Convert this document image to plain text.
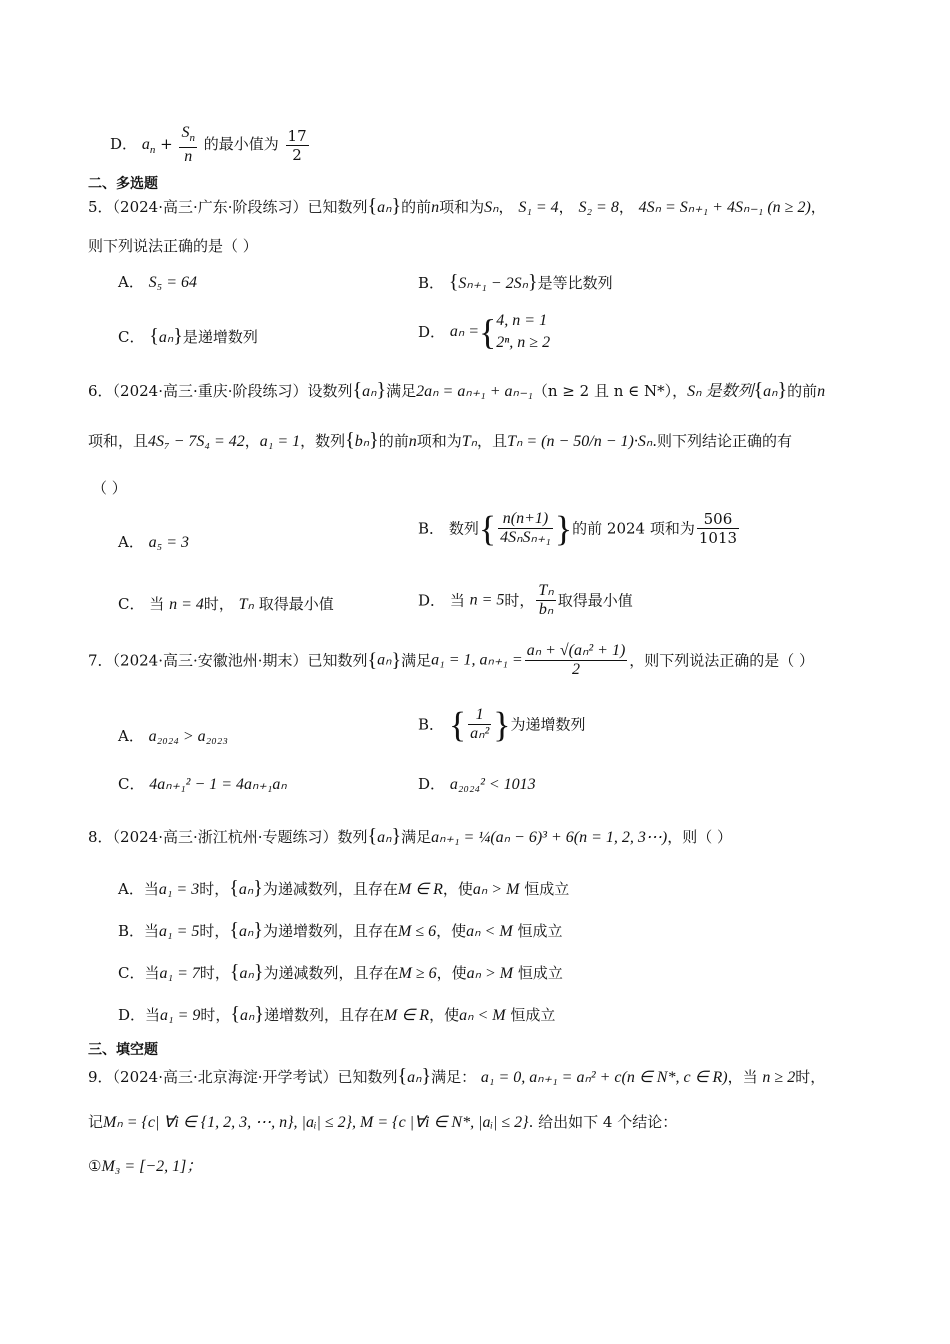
D． $a_n + \frac{S_n}{n}$ 的最小值为 $\frac{17}{2}$
二、多选题
5．（2024·高三·广东·阶段练习）已知数列{aₙ}的前n项和为Sₙ， S₁ = 4， S₂ = 8， 4Sₙ = Sₙ₊₁ + 4Sₙ₋₁ (n ≥ 2)，
则下列说法正确的是（ ）
A． S₅ = 64	B． {Sₙ₊₁ − 2Sₙ}是等比数列
C． {aₙ}是递增数列	D． aₙ ={ 4, n = 1
2ⁿ, n ≥ 2
6．（2024·高三·重庆·阶段练习）设数列{aₙ}满足2aₙ = aₙ₊₁ + aₙ₋₁（n ≥ 2 且 n ∈ N*），Sₙ 是数列{aₙ}的前n
项和，且4S₇ − 7S₄ = 42，a₁ = 1，数列{bₙ}的前n项和为Tₙ，且Tₙ = (n − 50/n − 1)·Sₙ.则下列结论正确的有
（ ）
A． a₅ = 3
B． 数列{ $\frac{n(n+1)}{\text{4SₙSₙ₊₁}}$ }的前 2024 项和为 $\frac{506}{1013}$
C． 当 n = 4时， Tₙ 取得最小值	D． 当 n = 5时， $\frac{\text{Tₙ}}{\text{bₙ}}$ 取得最小值
7．（2024·高三·安徽池州·期末）已知数列{aₙ}满足a₁ = 1, $a_{n+1} = \frac{\text{aₙ + √(aₙ² + 1)}}{2}$ ，则下列说法正确的是（ ）
A． a₂₀₂₄ > a₂₀₂₃
B． { $\frac{1}{\text{aₙ²}}$ }为递增数列
C． 4aₙ₊₁² − 1 = 4aₙ₊₁aₙ	D． a₂₀₂₄² < 1013
8．（2024·高三·浙江杭州·专题练习）数列{aₙ}满足aₙ₊₁ = ¼(aₙ − 6)³ + 6(n = 1, 2, 3⋯)，则（ ）
A．当a₁ = 3时，{aₙ}为递减数列，且存在M ∈ R，使aₙ > M 恒成立
B．当a₁ = 5时，{aₙ}为递增数列，且存在M ≤ 6，使aₙ < M 恒成立
C．当a₁ = 7时，{aₙ}为递减数列，且存在M ≥ 6，使aₙ > M 恒成立
D．当a₁ = 9时，{aₙ}递增数列，且存在M ∈ R，使aₙ < M 恒成立
三、填空题
9．（2024·高三·北京海淀·开学考试）已知数列{aₙ}满足： a₁ = 0, aₙ₊₁ = aₙ² + c(n ∈ N*, c ∈ R)，当 n ≥ 2时，
记Mₙ = {c| ∀i ∈ {1, 2, 3, ⋯, n}, |aᵢ| ≤ 2}, M = {c |∀i ∈ N*, |aᵢ| ≤ 2}. 给出如下 4 个结论：
①M₃ = [−2, 1]；
